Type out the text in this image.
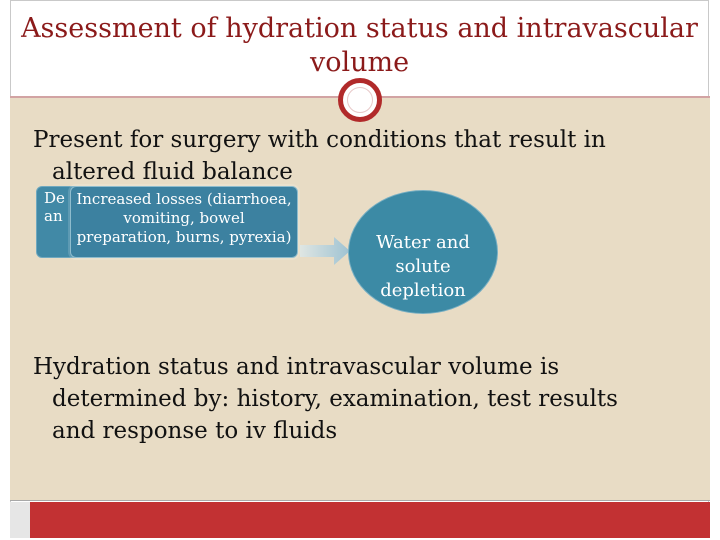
Assessment of hydration status and intravascular
volume
Present for surgery with conditions that result in
altered fluid balance
De
an
Increased losses (diarrhoea,
vomiting, bowel
preparation, burns, pyrexia)	Water and
solute
depletion
Hydration status and intravascular volume is
determined by: history, examination, test results
and response to iv fluids
